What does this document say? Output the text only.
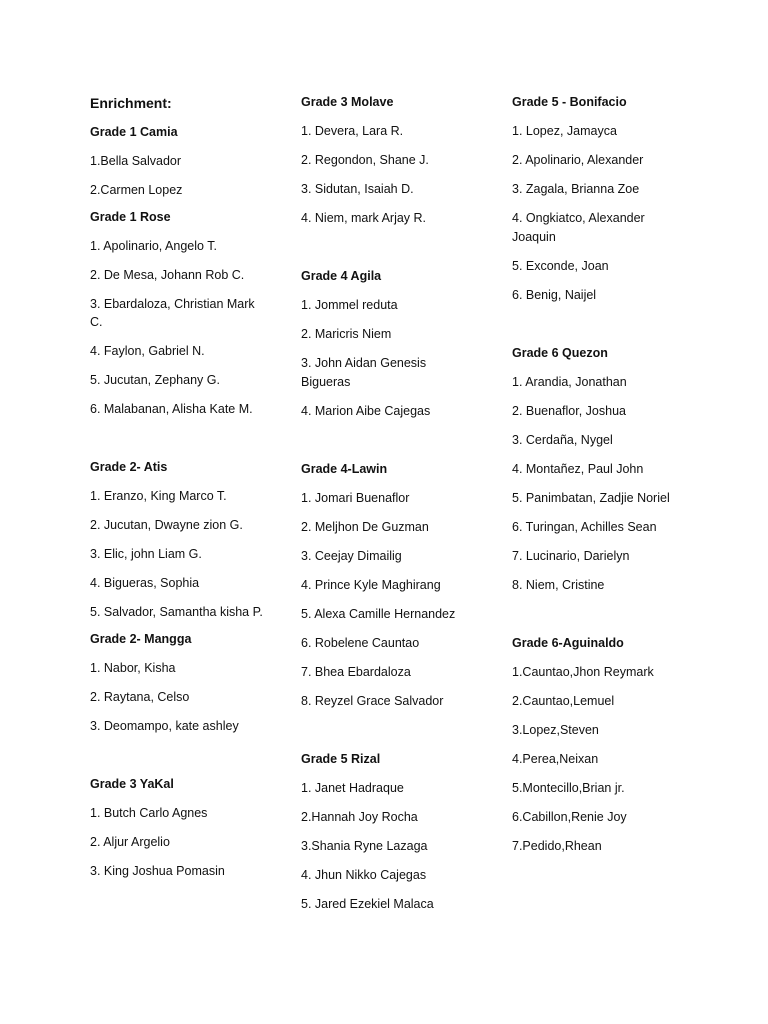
Enrichment:
Grade 1 Camia
1.Bella Salvador
2.Carmen Lopez
Grade 1 Rose
1. Apolinario, Angelo T.
2. De Mesa, Johann Rob C.
3. Ebardaloza, Christian Mark C.
4. Faylon, Gabriel N.
5. Jucutan, Zephany G.
6. Malabanan, Alisha Kate M.
Grade 2- Atis
1. Eranzo, King Marco T.
2. Jucutan, Dwayne zion G.
3. Elic, john Liam G.
4. Bigueras, Sophia
5. Salvador, Samantha kisha P.
Grade 2- Mangga
1. Nabor, Kisha
2. Raytana, Celso
3. Deomampo, kate ashley
Grade 3 YaKal
1. Butch Carlo Agnes
2. Aljur Argelio
3. King Joshua Pomasin
Grade 3 Molave
1. Devera, Lara R.
2. Regondon, Shane J.
3. Sidutan, Isaiah D.
4. Niem, mark Arjay R.
Grade 4 Agila
1. Jommel reduta
2. Maricris Niem
3. John Aidan Genesis Bigueras
4. Marion Aibe Cajegas
Grade 4-Lawin
1. Jomari Buenaflor
2. Meljhon De Guzman
3. Ceejay Dimailig
4. Prince Kyle Maghirang
5. Alexa Camille Hernandez
6. Robelene Cauntao
7. Bhea Ebardaloza
8. Reyzel Grace Salvador
Grade 5 Rizal
1. Janet Hadraque
2.Hannah Joy Rocha
3.Shania Ryne Lazaga
4. Jhun Nikko Cajegas
5. Jared Ezekiel Malaca
Grade 5 - Bonifacio
1. Lopez, Jamayca
2. Apolinario, Alexander
3. Zagala, Brianna Zoe
4. Ongkiatco, Alexander Joaquin
5. Exconde, Joan
6. Benig, Naijel
Grade 6 Quezon
1. Arandia, Jonathan
2. Buenaflor, Joshua
3. Cerdaña, Nygel
4. Montañez, Paul John
5. Panimbatan, Zadjie Noriel
6. Turingan, Achilles Sean
7. Lucinario, Darielyn
8. Niem, Cristine
Grade 6-Aguinaldo
1.Cauntao,Jhon Reymark
2.Cauntao,Lemuel
3.Lopez,Steven
4.Perea,Neixan
5.Montecillo,Brian jr.
6.Cabillon,Renie Joy
7.Pedido,Rhean
